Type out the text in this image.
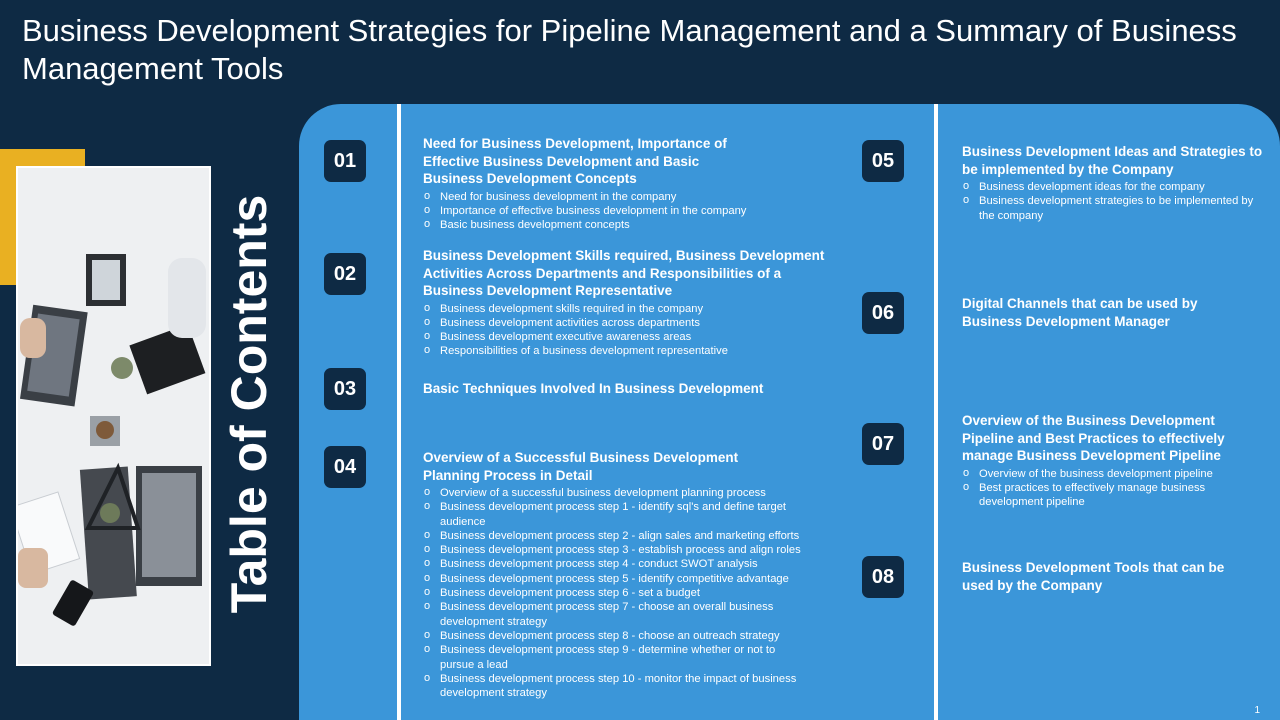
Business Development Strategies for Pipeline Management and a Summary of Business Management Tools
Table of Contents
01
02
03
04
05
06
07
08
Need for Business Development, Importance of Effective Business Development and Basic Business Development Concepts
o Need for business development in the company
o Importance of effective business development in the company
o Basic business development concepts
Business Development Skills required, Business Development Activities Across Departments and Responsibilities of a Business Development Representative
o Business development skills required in the company
o Business development activities across departments
o Business development executive awareness areas
o Responsibilities of a business development representative
Basic Techniques Involved In Business Development
Overview of a Successful Business Development Planning Process in Detail
o Overview of a successful business development planning process
o Business development process step 1 - identify sql's and define target audience
o Business development process step 2 - align sales and marketing efforts
o Business development process step 3 - establish process and align roles
o Business development process step 4 - conduct SWOT analysis
o Business development process step 5 - identify competitive advantage
o Business development process step 6 - set a budget
o Business development process step 7 - choose an overall business development strategy
o Business development process step 8 - choose an outreach strategy
o Business development process step 9 - determine whether or not to pursue a lead
o Business development process step 10 - monitor the impact of business development strategy
Business Development Ideas and Strategies to be implemented by the Company
o Business development ideas for the company
o Business development strategies to be implemented by the company
Digital Channels that can be used by Business Development Manager
Overview of the Business Development Pipeline and Best Practices to effectively manage Business Development Pipeline
o Overview of the business development pipeline
o Best practices to effectively manage business development pipeline
Business Development Tools that can be used by the Company
1
